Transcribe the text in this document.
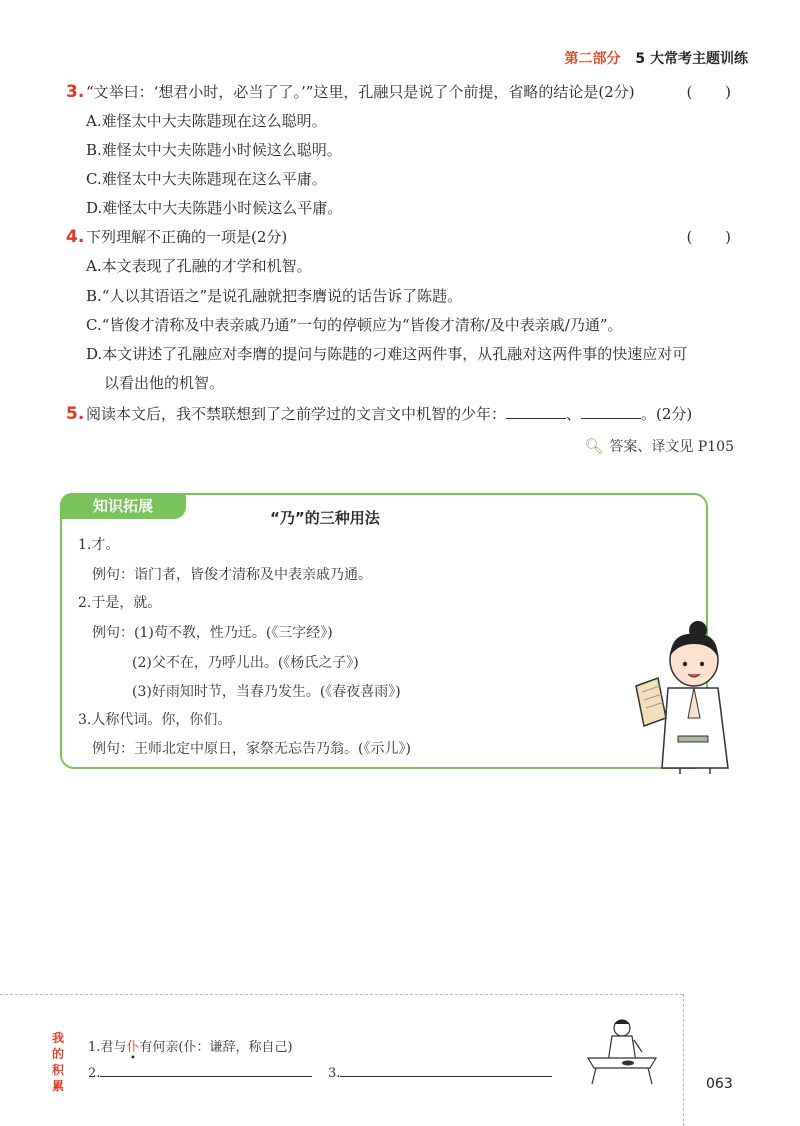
第二部分 5 大常考主题训练
3. “文举曰：‘想君小时，必当了了。’”这里，孔融只是说了个前提，省略的结论是(2分)	( )
A.难怪太中大夫陈韪现在这么聪明。
B.难怪太中大夫陈韪小时候这么聪明。
C.难怪太中大夫陈韪现在这么平庸。
D.难怪太中大夫陈韪小时候这么平庸。
4. 下列理解不正确的一项是(2分)	( )
A.本文表现了孔融的才学和机智。
B.“人以其语语之”是说孔融就把李膺说的话告诉了陈韪。
C.“皆俊才清称及中表亲戚乃通”一句的停顿应为“皆俊才清称/及中表亲戚/乃通”。
D.本文讲述了孔融应对李膺的提问与陈韪的刁难这两件事，从孔融对这两件事的快速应对可
以看出他的机智。
5. 阅读本文后，我不禁联想到了之前学过的文言文中机智的少年：	、	。(2分)
🔍︎ 答案、译文见 P105
知识拓展
“乃”的三种用法
1.才。
例句：诣门者，皆俊才清称及中表亲戚乃通。
2.于是，就。
例句：(1)苟不教，性乃迁。(《三字经》)
(2)父不在，乃呼儿出。(《杨氏之子》)
(3)好雨知时节，当春乃发生。(《春夜喜雨》)
3.人称代词。你，你们。
例句：王师北定中原日，家祭无忘告乃翁。(《示儿》)
我的积累
1.君与仆有何亲(仆：谦辞，称自己)
2.	3.
063
